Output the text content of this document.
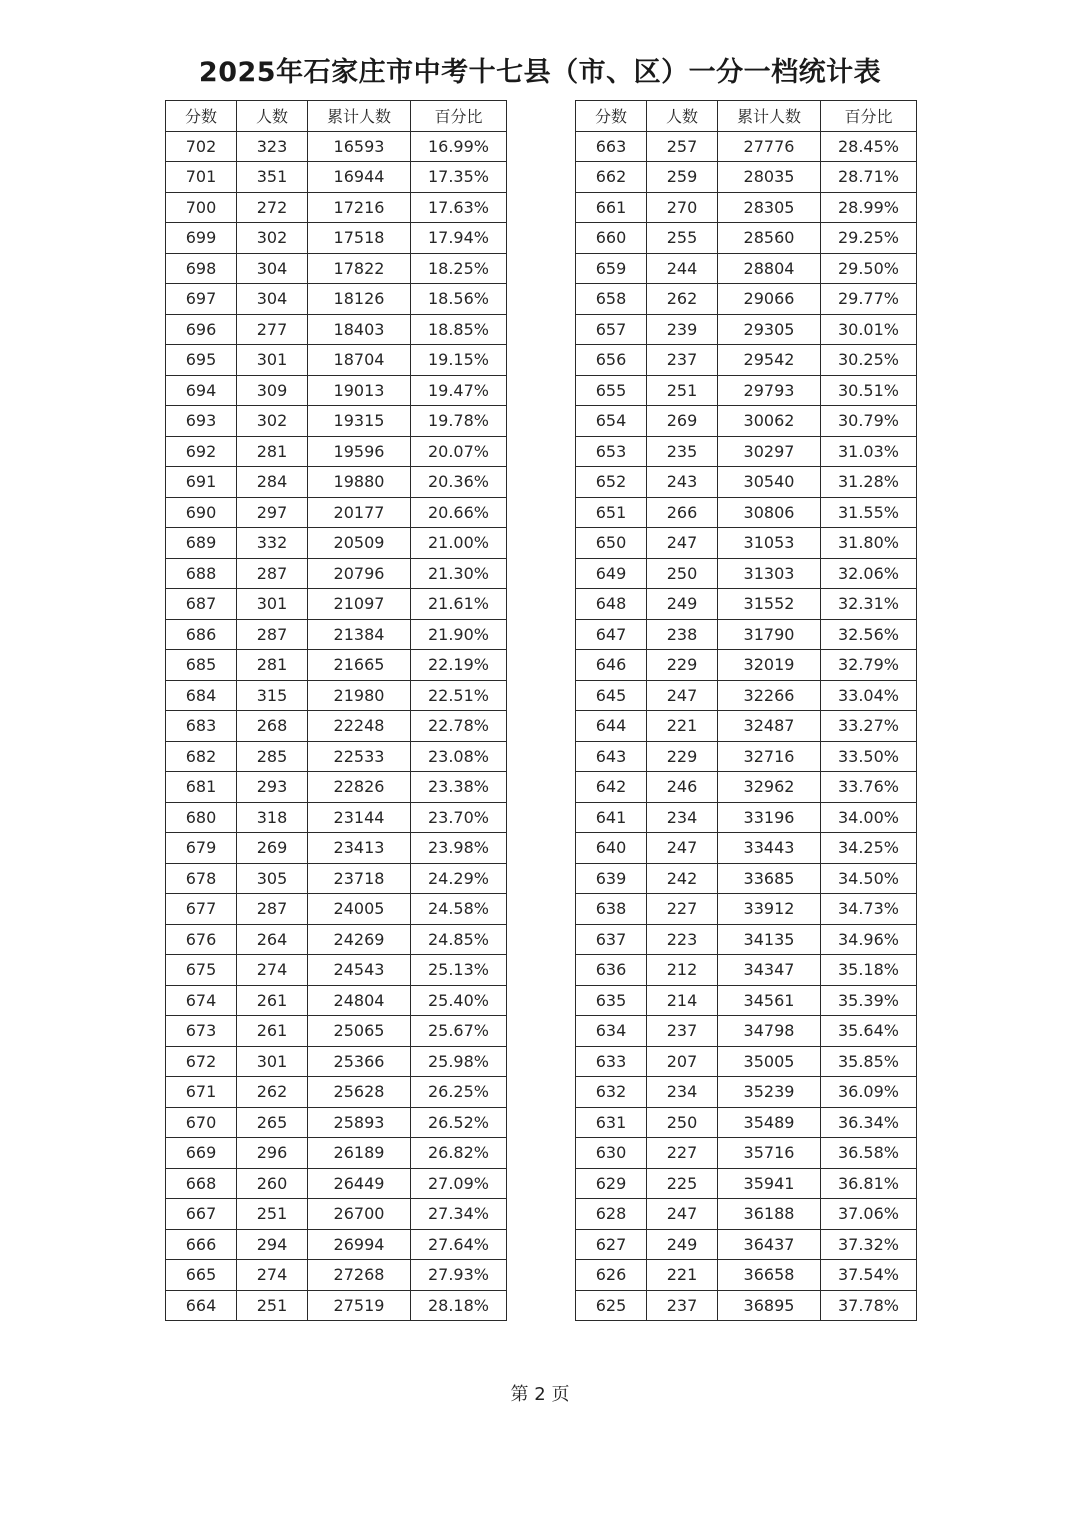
2025年石家庄市中考十七县（市、区）一分一档统计表
分数	人数	累计人数	百分比
702	323	16593	16.99%
701	351	16944	17.35%
700	272	17216	17.63%
699	302	17518	17.94%
698	304	17822	18.25%
697	304	18126	18.56%
696	277	18403	18.85%
695	301	18704	19.15%
694	309	19013	19.47%
693	302	19315	19.78%
692	281	19596	20.07%
691	284	19880	20.36%
690	297	20177	20.66%
689	332	20509	21.00%
688	287	20796	21.30%
687	301	21097	21.61%
686	287	21384	21.90%
685	281	21665	22.19%
684	315	21980	22.51%
683	268	22248	22.78%
682	285	22533	23.08%
681	293	22826	23.38%
680	318	23144	23.70%
679	269	23413	23.98%
678	305	23718	24.29%
677	287	24005	24.58%
676	264	24269	24.85%
675	274	24543	25.13%
674	261	24804	25.40%
673	261	25065	25.67%
672	301	25366	25.98%
671	262	25628	26.25%
670	265	25893	26.52%
669	296	26189	26.82%
668	260	26449	27.09%
667	251	26700	27.34%
666	294	26994	27.64%
665	274	27268	27.93%
664	251	27519	28.18%
分数	人数	累计人数	百分比
663	257	27776	28.45%
662	259	28035	28.71%
661	270	28305	28.99%
660	255	28560	29.25%
659	244	28804	29.50%
658	262	29066	29.77%
657	239	29305	30.01%
656	237	29542	30.25%
655	251	29793	30.51%
654	269	30062	30.79%
653	235	30297	31.03%
652	243	30540	31.28%
651	266	30806	31.55%
650	247	31053	31.80%
649	250	31303	32.06%
648	249	31552	32.31%
647	238	31790	32.56%
646	229	32019	32.79%
645	247	32266	33.04%
644	221	32487	33.27%
643	229	32716	33.50%
642	246	32962	33.76%
641	234	33196	34.00%
640	247	33443	34.25%
639	242	33685	34.50%
638	227	33912	34.73%
637	223	34135	34.96%
636	212	34347	35.18%
635	214	34561	35.39%
634	237	34798	35.64%
633	207	35005	35.85%
632	234	35239	36.09%
631	250	35489	36.34%
630	227	35716	36.58%
629	225	35941	36.81%
628	247	36188	37.06%
627	249	36437	37.32%
626	221	36658	37.54%
625	237	36895	37.78%
第 2 页
